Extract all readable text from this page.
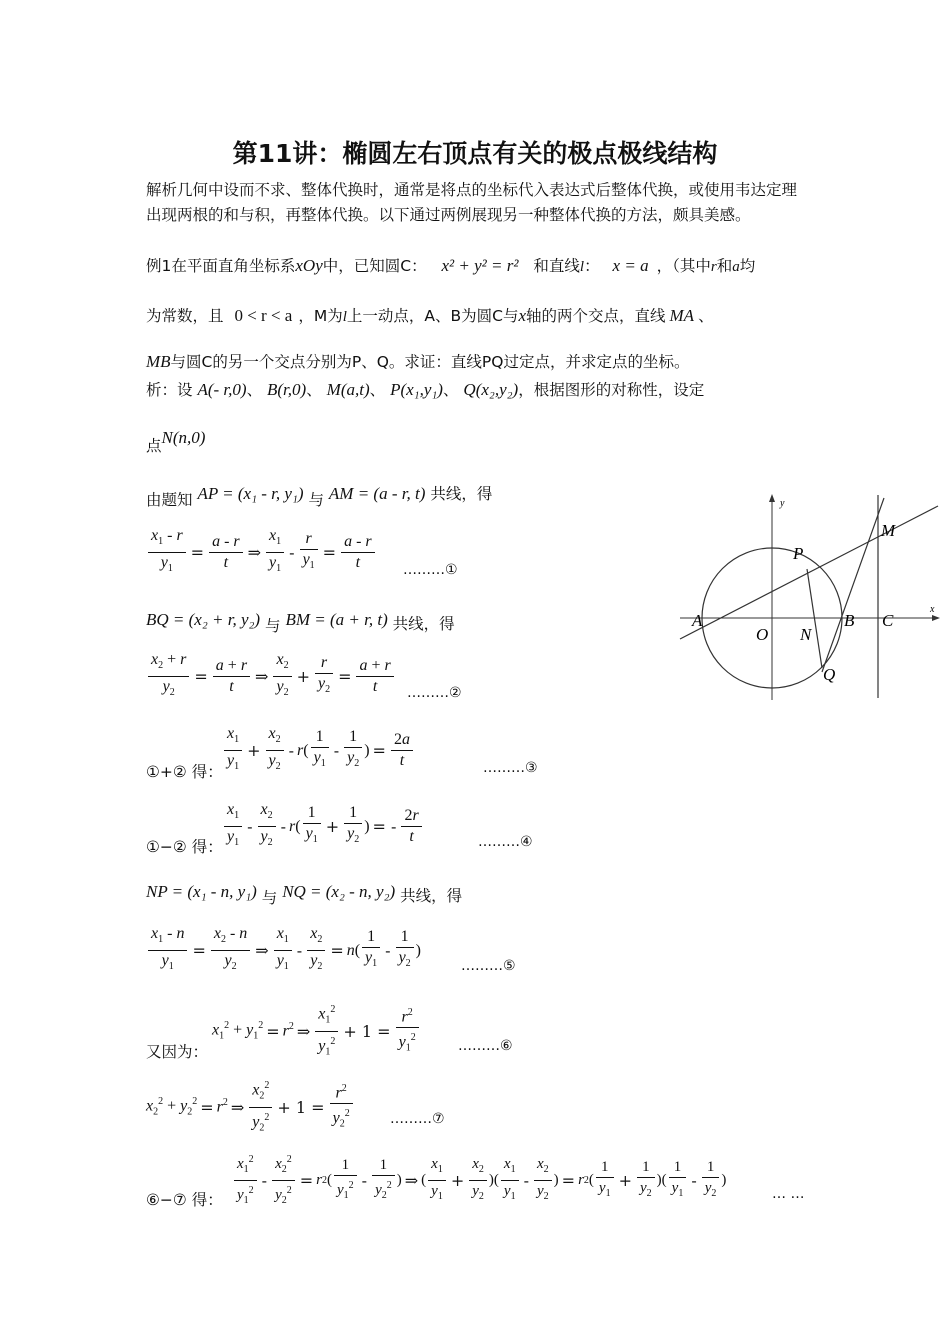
第11讲：椭圆左右顶点有关的极点极线结构
解析几何中设而不求、整体代换时，通常是将点的坐标代入表达式后整体代换，或使用韦达定理出现两根的和与积，再整体代换。以下通过两例展现另一种整体代换的方法，颇具美感。
例1在平面直角坐标系xOy中，已知圆C： x² + y² = r² 和直线l： x = a ，（其中r和a均
为常数，且 0 < r < a ，M为l上一动点，A、B为圆C与x轴的两个交点，直线 MA 、
MB与圆C的另一个交点分别为P、Q。求证：直线PQ过定点，并求定点的坐标。
析：设 A(- r,0)、 B(r,0)、 M(a,t)、 P(x₁,y₁)、 Q(x₂,y₂)，根据图形的对称性，设定
点N(n,0)
由题知 AP = (x₁ - r, y₁) 与 AM = (a - r, t) 共线，得
$\frac{x_1 - r}{y_1} = \frac{a - r}{t}$ ⇒ $\frac{x_1}{y_1} - \frac{r}{y_1} = \frac{a - r}{t}$ ………①
BQ = (x₂ + r, y₂) 与 BM = (a + r, t) 共线，得
$\frac{x_2 + r}{y_2} = \frac{a + r}{t}$ ⇒ $\frac{x_2}{y_2} + \frac{r}{y_2} = \frac{a + r}{t}$ ………②
①+② 得： $\frac{x_1}{y_1} + \frac{x_2}{y_2} - r$ ( $\frac{1}{y_1} - \frac{1}{y_2}$ ) = $\frac{2a}{t}$	………③
①−② 得： $\frac{x_1}{y_1} - \frac{x_2}{y_2}$ - r ( $\frac{1}{y_1} + \frac{1}{y_2}$ ) = - $\frac{2r}{t}$	………④
NP = (x₁ - n, y₁) 与 NQ = (x₂ - n, y₂) 共线，得
$\frac{x_1 - n}{y_1} = \frac{x_2 - n}{y_2}$ ⇒ $\frac{x_1}{y_1} - \frac{x_2}{y_2} = n$ ( $\frac{1}{y_1} - \frac{1}{y_2}$ )
………⑤
又因为：
$x_1^2 + y_1^2 = r^2$ ⇒ $\frac{x_1^2}{y_1^2} + 1 = \frac{r^2}{y_1^2}$	………⑥
$x_2^2 + y_2^2 = r^2$ ⇒ $\frac{x_2^2}{y_2^2} + 1 = \frac{r^2}{y_2^2}$	………⑦
⑥−⑦ 得： $\frac{x_1^2}{y_1^2} - \frac{x_2^2}{y_2^2} = r$ 2 ( $\frac{1}{y_1^2} - \frac{1}{y_2^2}$ ) ⇒ ( $\frac{x_1}{y_1} + \frac{x_2}{y_2}$ )( $\frac{x_1}{y_1} - \frac{x_2}{y_2}$ ) = r 2 ( $\frac{1}{y_1} + \frac{1}{y_2}$ )( $\frac{1}{y_1} - \frac{1}{y_2}$ )
… …
y
x
P
M
A
O N
B C
Q
